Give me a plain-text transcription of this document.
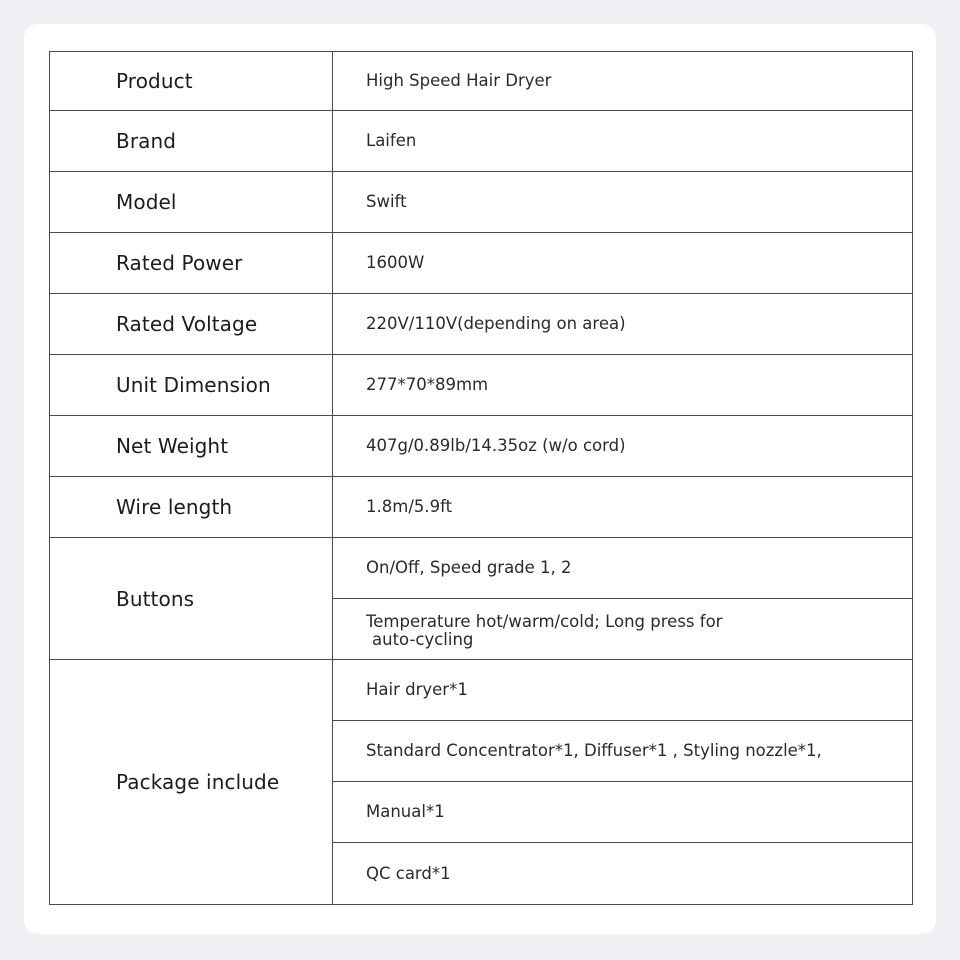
Product	High Speed Hair Dryer
Brand	Laifen
Model	Swift
Rated Power	1600W
Rated Voltage	220V/110V(depending on area)
Unit Dimension	277*70*89mm
Net Weight	407g/0.89lb/14.35oz (w/o cord)
Wire length	1.8m/5.9ft
Buttons	On/Off, Speed grade 1, 2
	Temperature hot/warm/cold; Long press for
auto-cycling

Package include	Hair dryer*1
	Standard Concentrator*1, Diffuser*1 , Styling nozzle*1,
	Manual*1
	QC card*1
